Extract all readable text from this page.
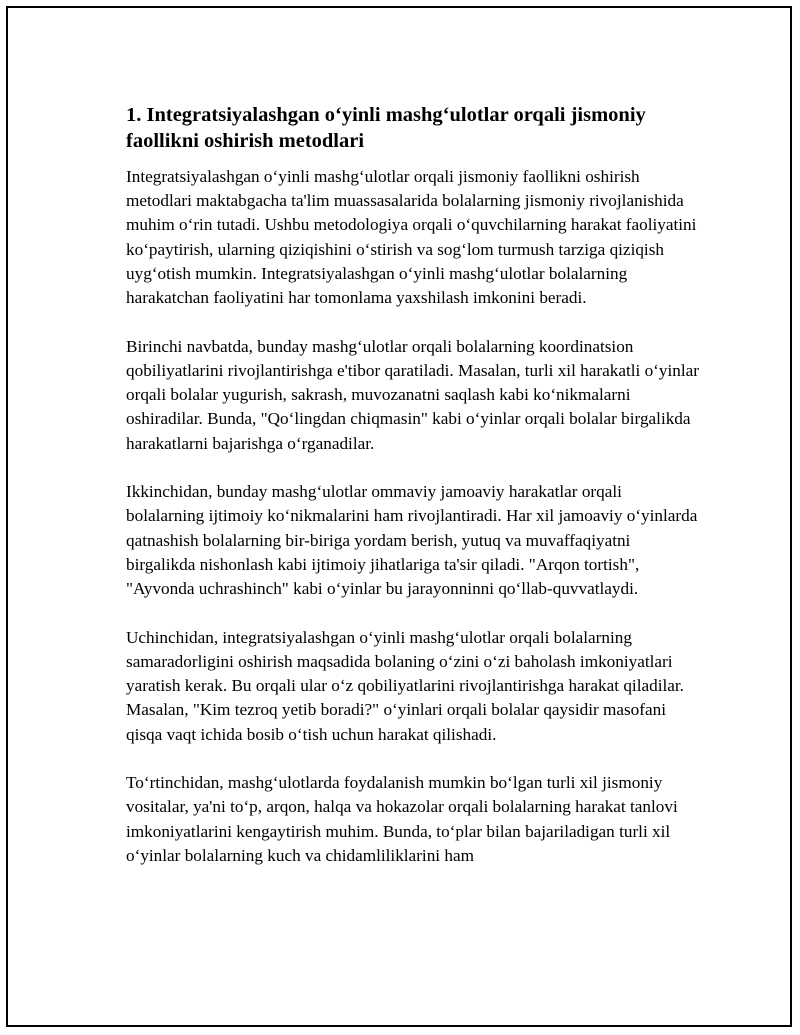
1. Integratsiyalashgan o‘yinli mashg‘ulotlar orqali jismoniy faollikni oshirish metodlari

Integratsiyalashgan o‘yinli mashg‘ulotlar orqali jismoniy faollikni oshirish metodlari maktabgacha ta'lim muassasalarida bolalarning jismoniy rivojlanishida muhim o‘rin tutadi. Ushbu metodologiya orqali o‘quvchilarning harakat faoliyatini ko‘paytirish, ularning qiziqishini o‘stirish va sog‘lom turmush tarziga qiziqish uyg‘otish mumkin. Integratsiyalashgan o‘yinli mashg‘ulotlar bolalarning harakatchan faoliyatini har tomonlama yaxshilash imkonini beradi.

Birinchi navbatda, bunday mashg‘ulotlar orqali bolalarning koordinatsion qobiliyatlarini rivojlantirishga e'tibor qaratiladi. Masalan, turli xil harakatli o‘yinlar orqali bolalar yugurish, sakrash, muvozanatni saqlash kabi ko‘nikmalarni oshiradilar. Bunda, "Qo‘lingdan chiqmasin" kabi o‘yinlar orqali bolalar birgalikda harakatlarni bajarishga o‘rganadilar.

Ikkinchidan, bunday mashg‘ulotlar ommaviy jamoaviy harakatlar orqali bolalarning ijtimoiy ko‘nikmalarini ham rivojlantiradi. Har xil jamoaviy o‘yinlarda qatnashish bolalarning bir-biriga yordam berish, yutuq va muvaffaqiyatni birgalikda nishonlash kabi ijtimoiy jihatlariga ta'sir qiladi. "Arqon tortish", "Ayvonda uchrashinch" kabi o‘yinlar bu jarayonninni qo‘llab-quvvatlaydi.

Uchinchidan, integratsiyalashgan o‘yinli mashg‘ulotlar orqali bolalarning samaradorligini oshirish maqsadida bolaning o‘zini o‘zi baholash imkoniyatlari yaratish kerak. Bu orqali ular o‘z qobiliyatlarini rivojlantirishga harakat qiladilar. Masalan, "Kim tezroq yetib boradi?" o‘yinlari orqali bolalar qaysidir masofani qisqa vaqt ichida bosib o‘tish uchun harakat qilishadi.

To‘rtinchidan, mashg‘ulotlarda foydalanish mumkin bo‘lgan turli xil jismoniy vositalar, ya'ni to‘p, arqon, halqa va hokazolar orqali bolalarning harakat tanlovi imkoniyatlarini kengaytirish muhim. Bunda, to‘plar bilan bajariladigan turli xil o‘yinlar bolalarning kuch va chidamliliklarini ham
